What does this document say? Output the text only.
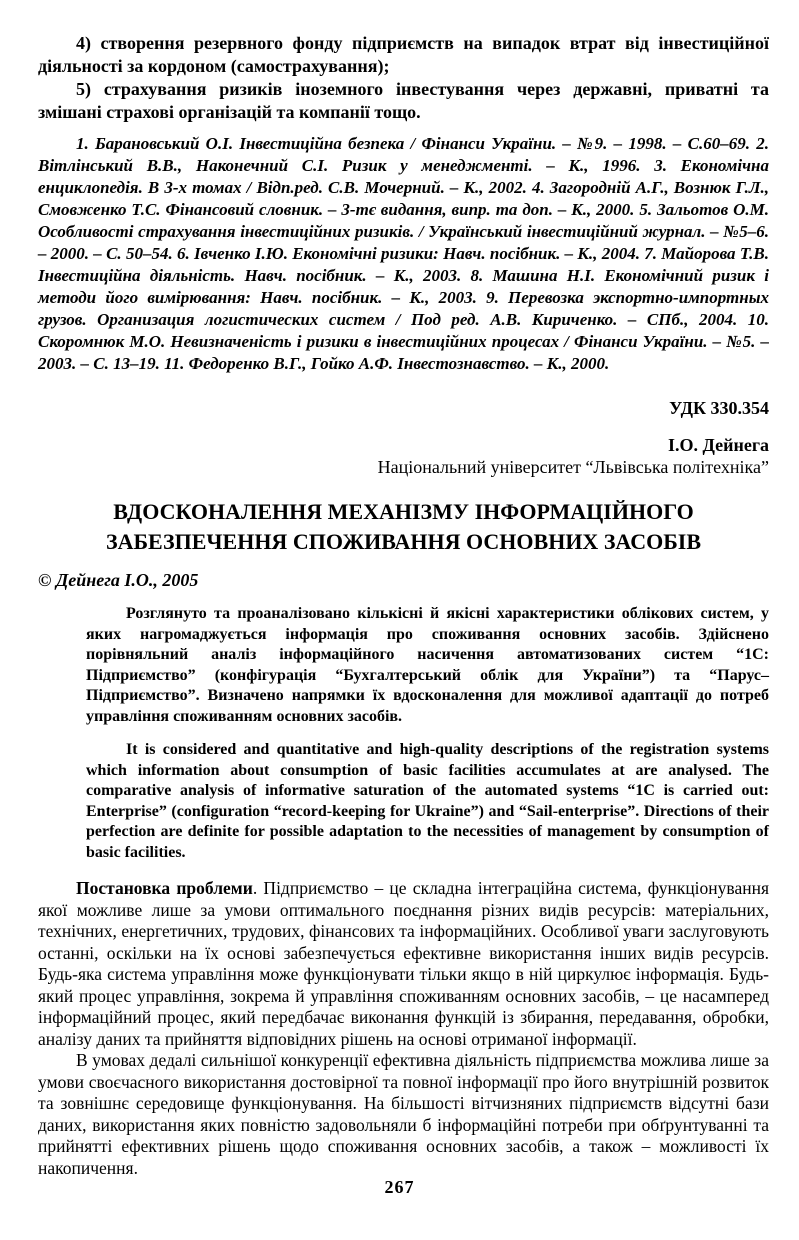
4) створення резервного фонду підприємств на випадок втрат від інвестиційної діяльності за кордоном (самострахування);

5) страхування ризиків іноземного інвестування через державні, приватні та змішані страхові організацій та компанії тощо.

1. Барановський О.І. Інвестиційна безпека / Фінанси України. – №9. – 1998. – С.60–69. 2. Вітлінський В.В., Наконечний С.І. Ризик у менеджменті. – К., 1996. 3. Економічна енциклопедія. В 3-х томах / Відп.ред. С.В. Мочерний. – К., 2002. 4. Загородній А.Г., Вознюк Г.Л., Смовженко Т.С. Фінансовий словник. – 3-тє видання, випр. та доп. – К., 2000. 5. Зальотов О.М. Особливості страхування інвестиційних ризиків. / Український інвестиційний журнал. – №5–6. – 2000. – С. 50–54. 6. Івченко І.Ю. Економічні ризики: Навч. посібник. – К., 2004. 7. Майорова Т.В. Інвестиційна діяльність. Навч. посібник. – К., 2003. 8. Машина Н.І. Економічний ризик і методи його вимірювання: Навч. посібник. – К., 2003. 9. Перевозка экспортно-импортных грузов. Организация логистических систем / Под ред. А.В. Кириченко. – СПб., 2004. 10. Скоромнюк М.О. Невизначеність і ризики в інвестиційних процесах / Фінанси України. – №5. – 2003. – С. 13–19. 11. Федоренко В.Г., Гойко А.Ф. Інвестознавство. – К., 2000.

УДК 330.354
І.О. Дейнега
Національний університет “Львівська політехніка”
ВДОСКОНАЛЕННЯ МЕХАНІЗМУ ІНФОРМАЦІЙНОГО
ЗАБЕЗПЕЧЕННЯ СПОЖИВАННЯ ОСНОВНИХ ЗАСОБІВ
© Дейнега І.О., 2005

Розглянуто та проаналізовано кількісні й якісні характеристики облікових систем, у яких нагромаджується інформація про споживання основних засобів. Здійснено порівняльний аналіз інформаційного насичення автоматизованих систем “1С: Підприємство” (конфігурація “Бухгалтерський облік для України”) та “Парус–Підприємство”. Визначено напрямки їх вдосконалення для можливої адаптації до потреб управління споживанням основних засобів.

It is considered and quantitative and high-quality descriptions of the registration systems which information about consumption of basic facilities accumulates at are analysed. The comparative analysis of informative saturation of the automated systems “1C is carried out: Enterprise” (configuration “record-keeping for Ukraine”) and “Sail-enterprise”. Directions of their perfection are definite for possible adaptation to the necessities of management by consumption of basic facilities.

Постановка проблеми. Підприємство – це складна інтеграційна система, функціонування якої можливе лише за умови оптимального поєднання різних видів ресурсів: матеріальних, технічних, енергетичних, трудових, фінансових та інформаційних. Особливої уваги заслуговують останні, оскільки на їх основі забезпечується ефективне використання інших видів ресурсів. Будь-яка система управління може функціонувати тільки якщо в ній циркулює інформація. Будь-який процес управління, зокрема й управління споживанням основних засобів, – це насамперед інформаційний процес, який передбачає виконання функцій із збирання, передавання, обробки, аналізу даних та прийняття відповідних рішень на основі отриманої інформації.

В умовах дедалі сильнішої конкуренції ефективна діяльність підприємства можлива лише за умови своєчасного використання достовірної та повної інформації про його внутрішній розвиток та зовнішнє середовище функціонування. На більшості вітчизняних підприємств відсутні бази даних, використання яких повністю задовольняли б інформаційні потреби при обґрунтуванні та прийнятті ефективних рішень щодо споживання основних засобів, а також – можливості їх накопичення.

267
